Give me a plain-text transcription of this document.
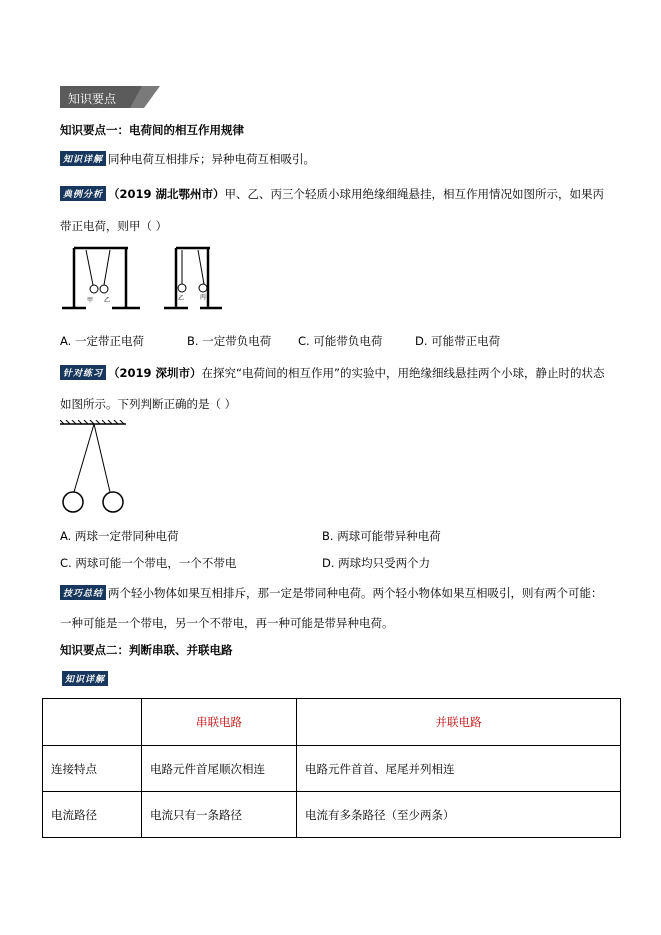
知识要点
知识要点一：电荷间的相互作用规律
知识详解 同种电荷互相排斥；异种电荷互相吸引。
典例分析 （2019 湖北鄂州市）甲、乙、丙三个轻质小球用绝缘细绳悬挂，相互作用情况如图所示，如果丙
带正电荷，则甲（ ）
甲 乙	乙	丙
A. 一定带正电荷	B. 一定带负电荷 C. 可能带负电荷	D. 可能带正电荷
针对练习 （2019 深圳市）在探究“电荷间的相互作用”的实验中，用绝缘细线悬挂两个小球，静止时的状态
如图所示。下列判断正确的是（ ）
A. 两球一定带同种电荷	B. 两球可能带异种电荷
C. 两球可能一个带电，一个不带电	D. 两球均只受两个力
技巧总结 两个轻小物体如果互相排斥，那一定是带同种电荷。两个轻小物体如果互相吸引，则有两个可能：
一种可能是一个带电，另一个不带电，再一种可能是带异种电荷。
知识要点二：判断串联、并联电路
知识详解
	串联电路	并联电路
连接特点	电路元件首尾顺次相连	电路元件首首、尾尾并列相连
电流路径	电流只有一条路径	电流有多条路径（至少两条）
